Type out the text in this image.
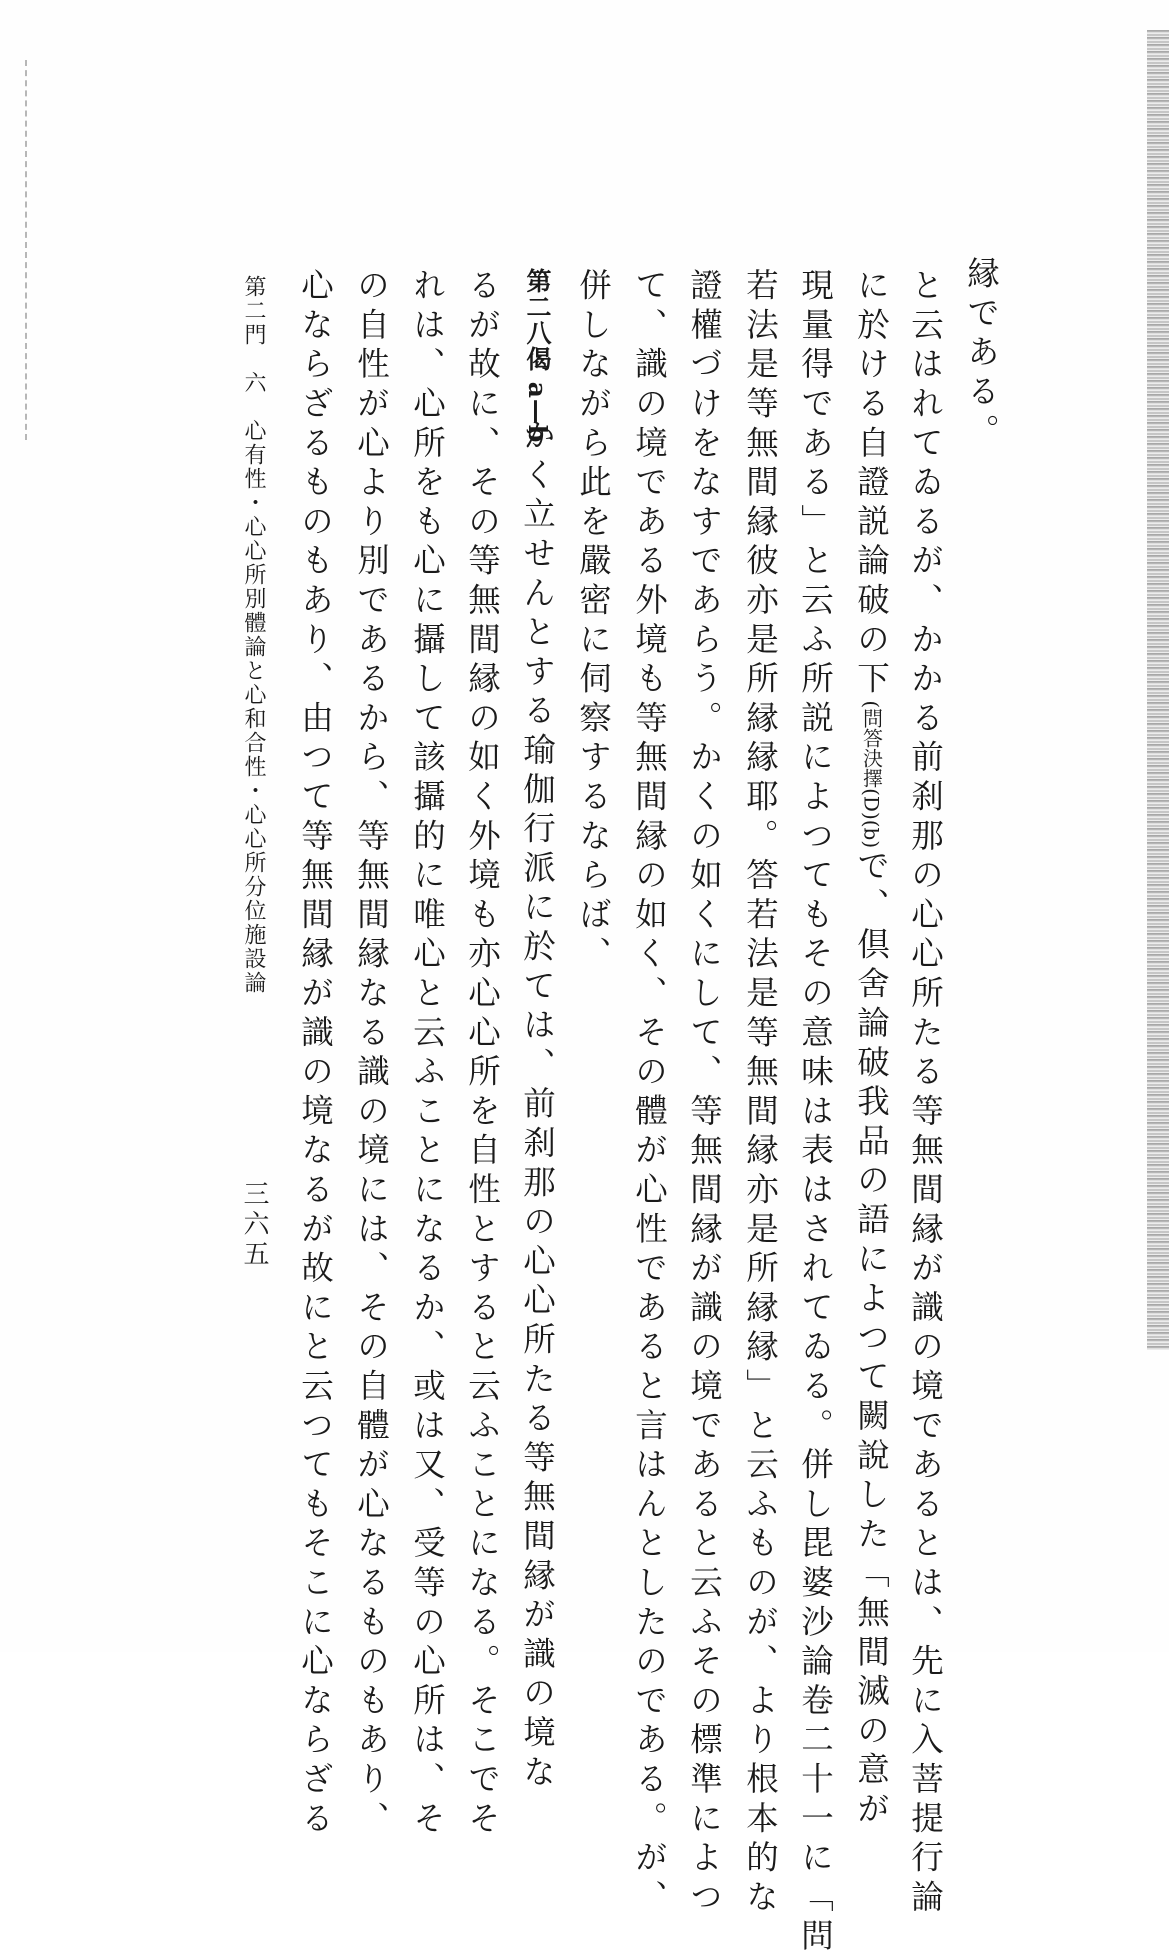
縁である。
と云はれてゐるが、かかる前刹那の心心所たる等無間縁が識の境であるとは、先に入菩提行論
に於ける自證説論破の下(問答決擇(D)(b)で、倶舍論破我品の語によつて闕說した「無間滅の意が
現量得である」と云ふ所説によつてもその意味は表はされてゐる。併し毘婆沙論卷二十一に「問
若法是等無間縁彼亦是所縁縁耶。答若法是等無間縁亦是所縁縁」と云ふものが、より根本的な
證權づけをなすであらう。かくの如くにして、等無間縁が識の境であると云ふその標準によつ
て、識の境である外境も等無間縁の如く、その體が心性であると言はんとしたのである。が、
併しながら此を嚴密に伺察するならば、
第二八偈 a—b
かく立せんとする瑜伽行派に於ては、前刹那の心心所たる等無間縁が識の境な
るが故に、その等無間縁の如く外境も亦心心所を自性とすると云ふことになる。そこでそ
れは、心所をも心に攝して該攝的に唯心と云ふことになるか、或は又、受等の心所は、そ
の自性が心より別であるから、等無間縁なる識の境には、その自體が心なるものもあり、
心ならざるものもあり、由つて等無間縁が識の境なるが故にと云つてもそこに心ならざる
第二門　六　心有性・心心所別體論と心和合性・心心所分位施設論
三六五
